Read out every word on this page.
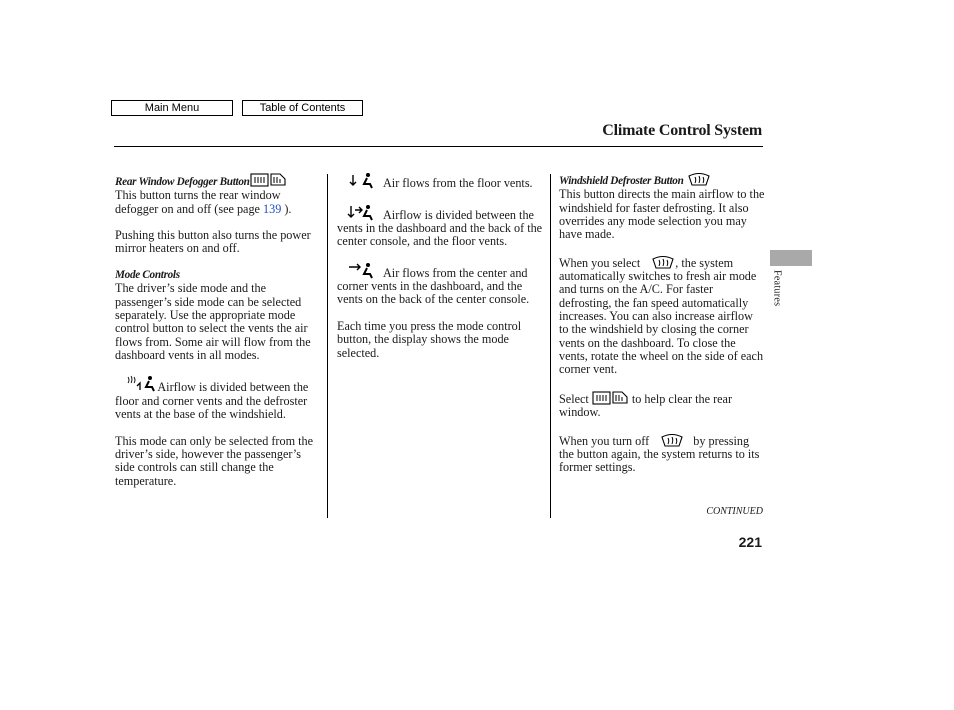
Main Menu	Table of Contents
Climate Control System
Rear Window Defogger Button

This button turns the rear window defogger on and off (see page 139 ).

Pushing this button also turns the power mirror heaters on and off.

Mode Controls

The driver’s side mode and the passenger’s side mode can be selected separately. Use the appropriate mode control button to select the vents the air flows from. Some air will flow from the dashboard vents in all modes.

Airflow is divided between the floor and corner vents and the defroster vents at the base of the windshield.

This mode can only be selected from the driver’s side, however the passenger’s side controls can still change the temperature.

Air flows from the floor vents.

Airflow is divided between the vents in the dashboard and the back of the center console, and the floor vents.

Air flows from the center and corner vents in the dashboard, and the vents on the back of the center console.

Each time you press the mode control button, the display shows the mode selected.

Windshield Defroster Button

This button directs the main airflow to the windshield for faster defrosting. It also overrides any mode selection you may have made.

When you select	, the system automatically switches to fresh air mode and turns on the A/C. For faster defrosting, the fan speed automatically increases. You can also increase airflow to the windshield by closing the corner vents on the dashboard. To close the vents, rotate the wheel on the side of each corner vent.

Select	to help clear the rear window.

When you turn off	by pressing the button again, the system returns to its former settings.

Features
CONTINUED
221
